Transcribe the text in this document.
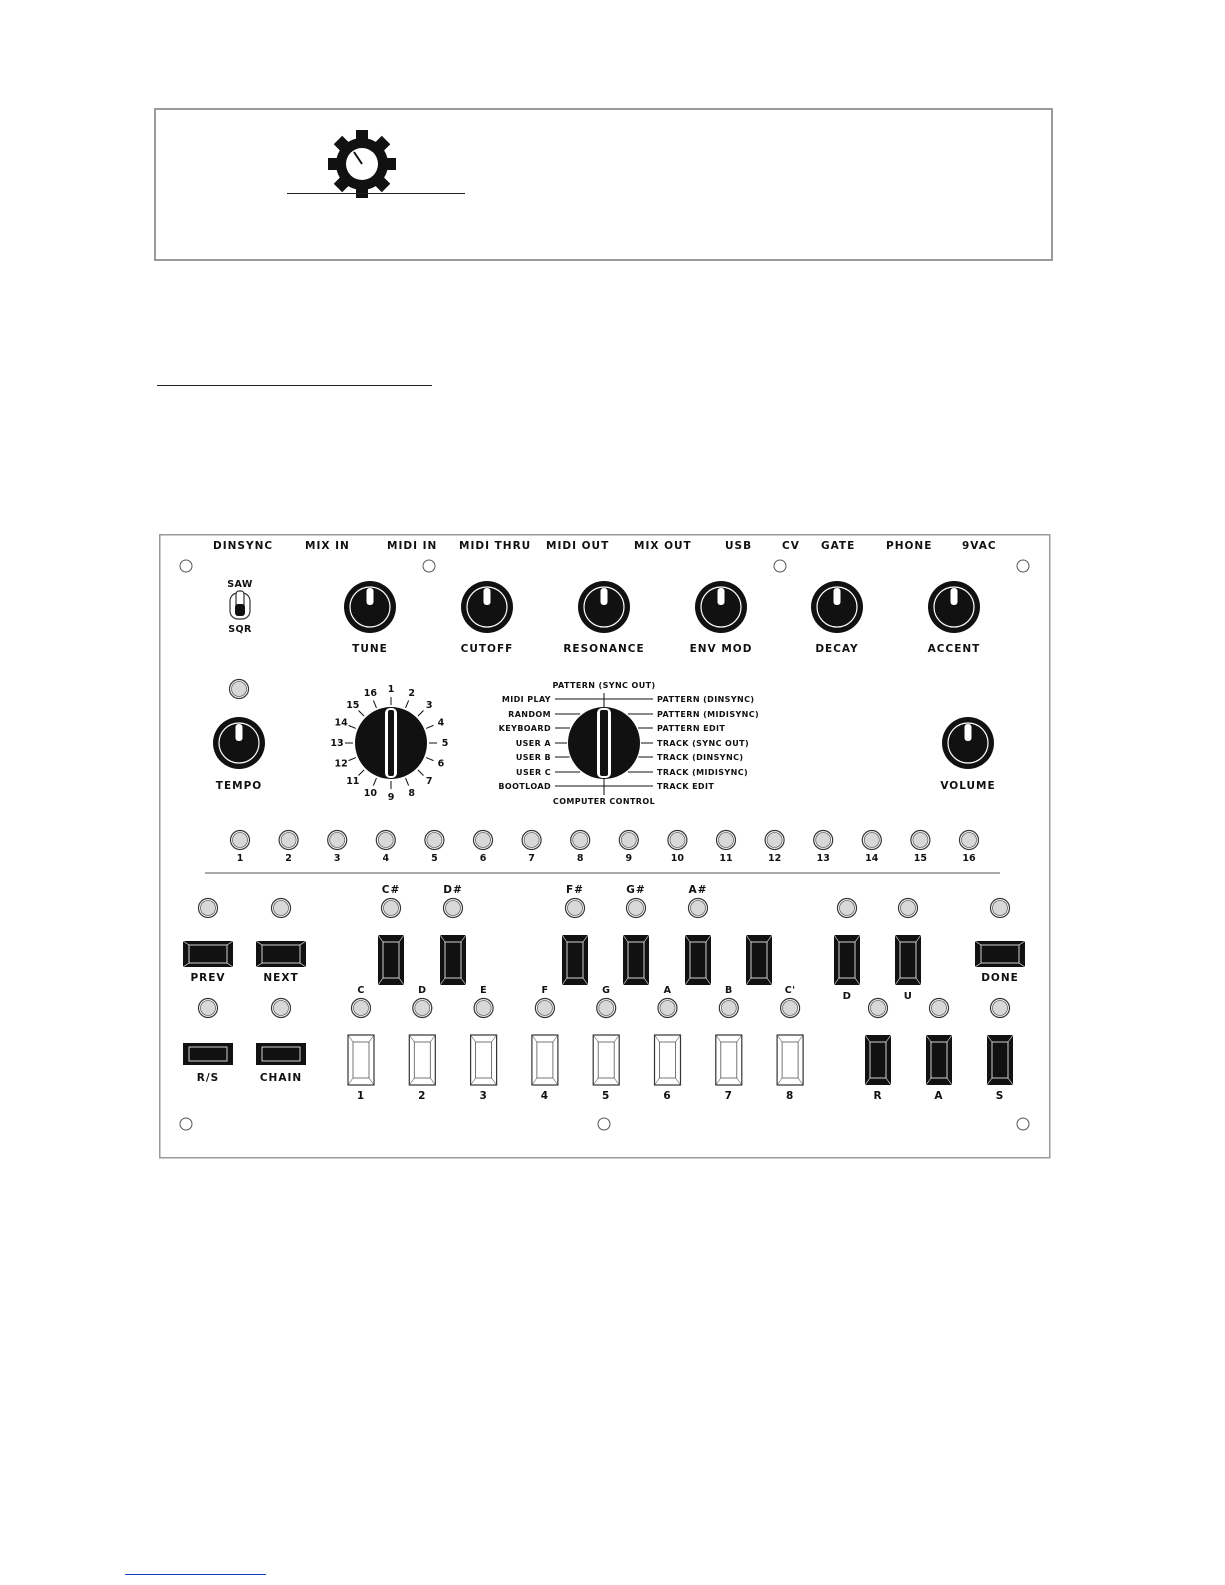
DINSYNC	MIX IN	MIDI IN MIDI THRU MIDI OUT MIX OUT	USB	CV GATE	PHONE	9VAC
SAW
SQR
TUNE	CUTOFF	RESONANCE	ENV MOD	DECAY	ACCENT
TEMPO	VOLUME
1 2
3
4
5
6
7
8
9
10
11
12
13
14
15
16
MIDI PLAY
RANDOM
KEYBOARD
USER A
USER B
USER C
BOOTLOAD
PATTERN (DINSYNC)
PATTERN (MIDISYNC)
PATTERN EDIT
TRACK (SYNC OUT)
TRACK (DINSYNC)
TRACK (MIDISYNC)
TRACK EDIT
PATTERN (SYNC OUT)
COMPUTER CONTROL
1	2	3	4	5	6	7	8	9	10	11	12	13	14	15	16
PREV	NEXT
R/S	CHAIN
C#	D#	F#	G#	A#
C
1
D
2
E
3
F
4
G
5
A
6
B
7
C'
8
D	U
DONE
R	A	S
